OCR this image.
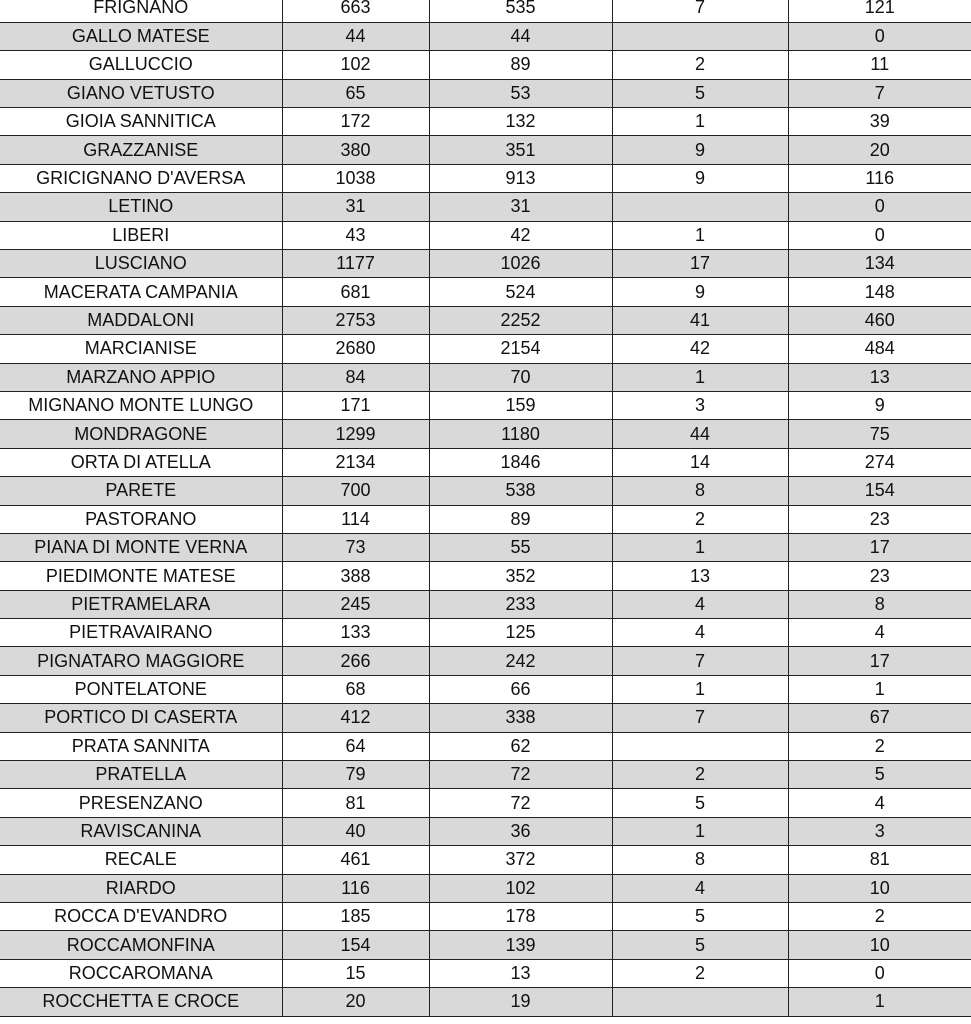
FRIGNANO	663	535	7	121
GALLO MATESE	44	44		0
GALLUCCIO	102	89	2	11
GIANO VETUSTO	65	53	5	7
GIOIA SANNITICA	172	132	1	39
GRAZZANISE	380	351	9	20
GRICIGNANO D'AVERSA	1038	913	9	116
LETINO	31	31		0
LIBERI	43	42	1	0
LUSCIANO	1177	1026	17	134
MACERATA CAMPANIA	681	524	9	148
MADDALONI	2753	2252	41	460
MARCIANISE	2680	2154	42	484
MARZANO APPIO	84	70	1	13
MIGNANO MONTE LUNGO	171	159	3	9
MONDRAGONE	1299	1180	44	75
ORTA DI ATELLA	2134	1846	14	274
PARETE	700	538	8	154
PASTORANO	114	89	2	23
PIANA DI MONTE VERNA	73	55	1	17
PIEDIMONTE MATESE	388	352	13	23
PIETRAMELARA	245	233	4	8
PIETRAVAIRANO	133	125	4	4
PIGNATARO MAGGIORE	266	242	7	17
PONTELATONE	68	66	1	1
PORTICO DI CASERTA	412	338	7	67
PRATA SANNITA	64	62		2
PRATELLA	79	72	2	5
PRESENZANO	81	72	5	4
RAVISCANINA	40	36	1	3
RECALE	461	372	8	81
RIARDO	116	102	4	10
ROCCA D'EVANDRO	185	178	5	2
ROCCAMONFINA	154	139	5	10
ROCCAROMANA	15	13	2	0
ROCCHETTA E CROCE	20	19		1
